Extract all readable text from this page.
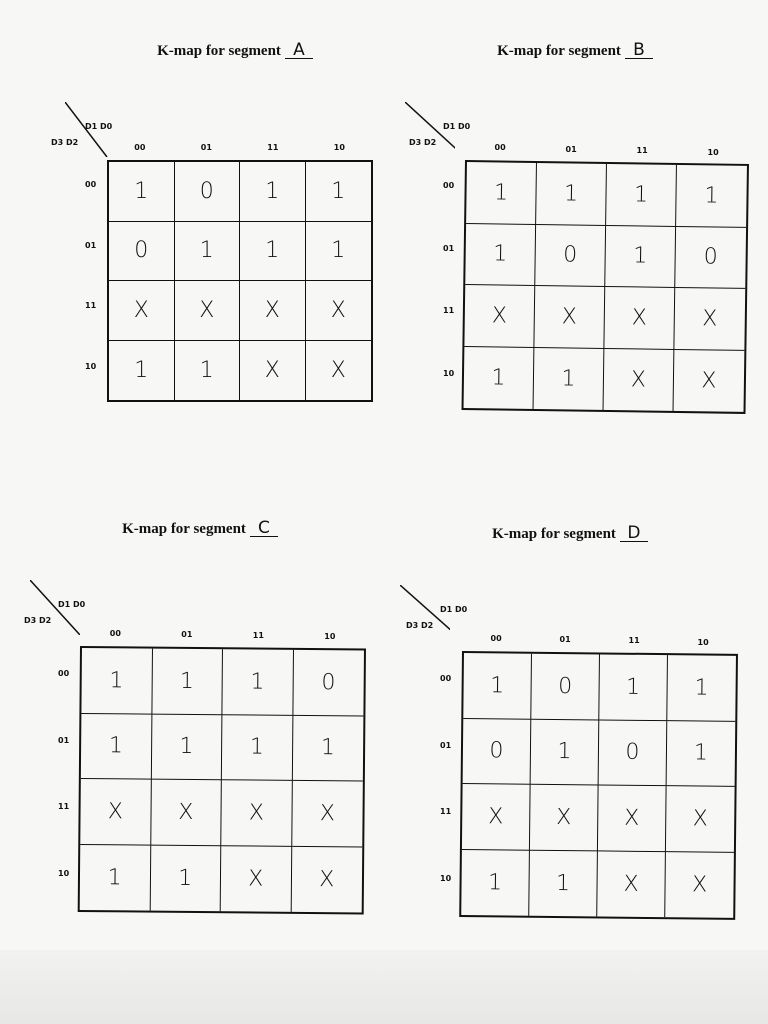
K-map for segment A
D1 D0
D3 D2
00	01	11	10
00
01
11
10
1	0	1	1
0	1	1	1
X	X	X	X
1	1	X	X
K-map for segment B
D1 D0
D3 D2
00	01	11	10
00
01
11
10
1	1	1	1
1	0	1	0
X	X	X	X
1	1	X	X
K-map for segment C
D1 D0
D3 D2
00	01	11	10
00
01
11
10
1	1	1	0
1	1	1	1
X	X	X	X
1	1	X	X
K-map for segment D
D1 D0
D3 D2
00	01	11	10
00
01
11
10
1	0	1	1
0	1	0	1
X	X	X	X
1	1	X	X
